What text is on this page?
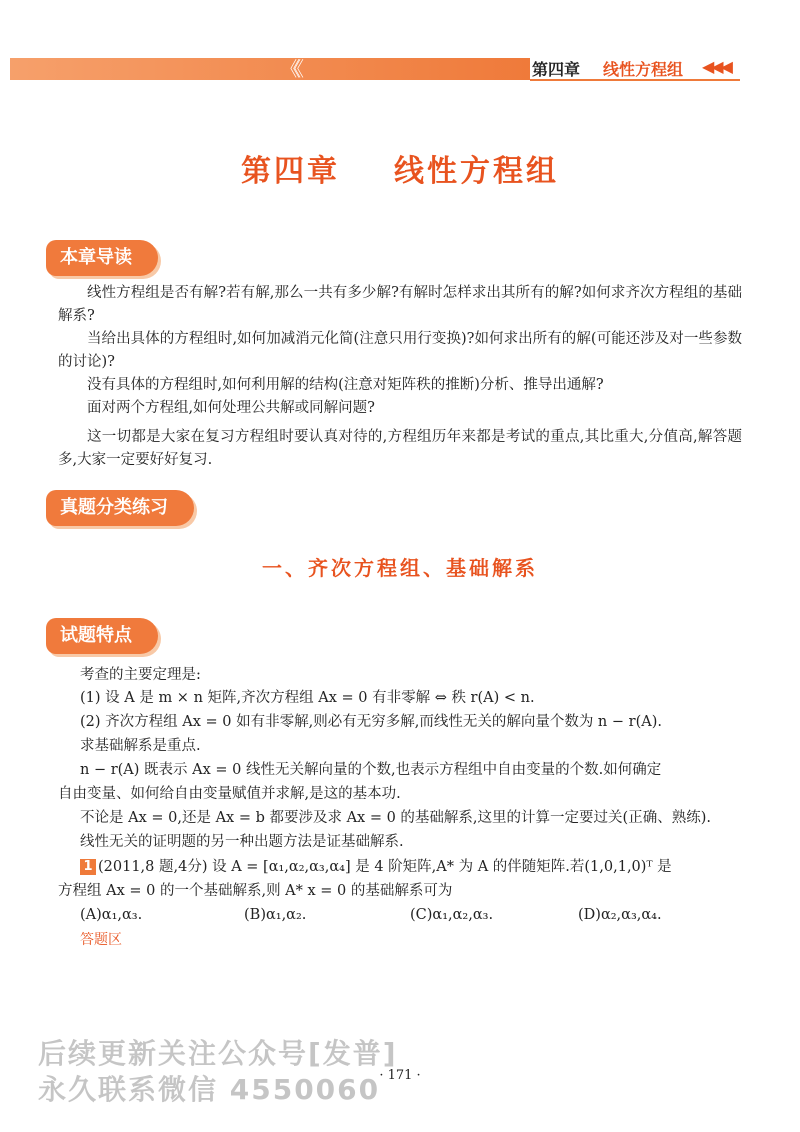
《《	第四章 线性方程组 ◀◀◀
第四章 线性方程组
本章导读

线性方程组是否有解?若有解,那么一共有多少解?有解时怎样求出其所有的解?如何求齐次方程组的基础解系?

当给出具体的方程组时,如何加减消元化简(注意只用行变换)?如何求出所有的解(可能还涉及对一些参数的讨论)?

没有具体的方程组时,如何利用解的结构(注意对矩阵秩的推断)分析、推导出通解?

面对两个方程组,如何处理公共解或同解问题?

这一切都是大家在复习方程组时要认真对待的,方程组历年来都是考试的重点,其比重大,分值高,解答题多,大家一定要好好复习.

真题分类练习
一、齐次方程组、基础解系
试题特点

考查的主要定理是:

(1) 设 A 是 m × n 矩阵,齐次方程组 Ax = 0 有非零解 ⇔ 秩 r(A) < n.

(2) 齐次方程组 Ax = 0 如有非零解,则必有无穷多解,而线性无关的解向量个数为 n − r(A).

求基础解系是重点.

n − r(A) 既表示 Ax = 0 线性无关解向量的个数,也表示方程组中自由变量的个数.如何确定

自由变量、如何给自由变量赋值并求解,是这的基本功.

不论是 Ax = 0,还是 Ax = b 都要涉及求 Ax = 0 的基础解系,这里的计算一定要过关(正确、熟练).

线性无关的证明题的另一种出题方法是证基础解系.

1 (2011,8 题,4分) 设 A = [α₁,α₂,α₃,α₄] 是 4 阶矩阵,A* 为 A 的伴随矩阵.若(1,0,1,0)ᵀ 是

方程组 Ax = 0 的一个基础解系,则 A* x = 0 的基础解系可为

(A)α₁,α₃.	(B)α₁,α₂.	(C)α₁,α₂,α₃.	(D)α₂,α₃,α₄.
答题区
· 171 ·
后续更新关注公众号[发普]
永久联系微信 4550060
